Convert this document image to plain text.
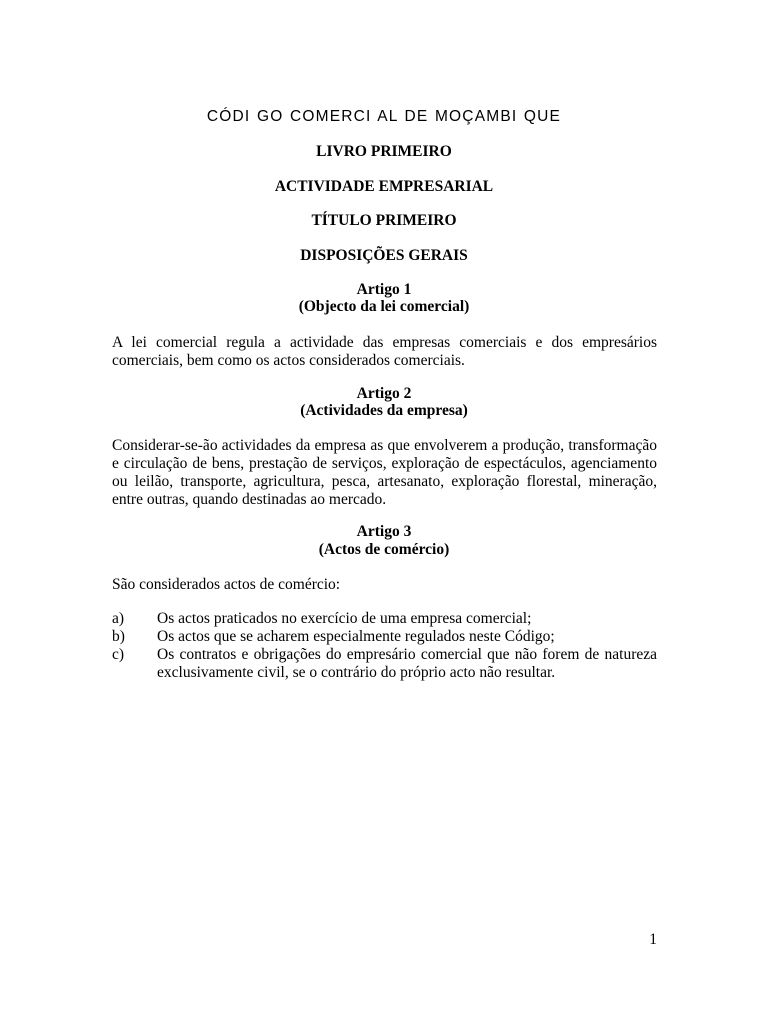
CÓDI GO COMERCI AL DE MOÇAMBI QUE
LIVRO PRIMEIRO
ACTIVIDADE EMPRESARIAL
TÍTULO PRIMEIRO
DISPOSIÇÕES GERAIS
Artigo 1
(Objecto da lei comercial)
A lei comercial regula a actividade das empresas comerciais e dos empresários comerciais, bem como os actos considerados comerciais.
Artigo 2
(Actividades da empresa)
Considerar-se-ão actividades da empresa as que envolverem a produção, transformação e circulação de bens, prestação de serviços, exploração de espectáculos, agenciamento ou leilão, transporte, agricultura, pesca, artesanato, exploração florestal, mineração, entre outras, quando destinadas ao mercado.
Artigo 3
(Actos de comércio)
São considerados actos de comércio:
a) Os actos praticados no exercício de uma empresa comercial;
b) Os actos que se acharem especialmente regulados neste Código;
c) Os contratos e obrigações do empresário comercial que não forem de natureza exclusivamente civil, se o contrário do próprio acto não resultar.
1
